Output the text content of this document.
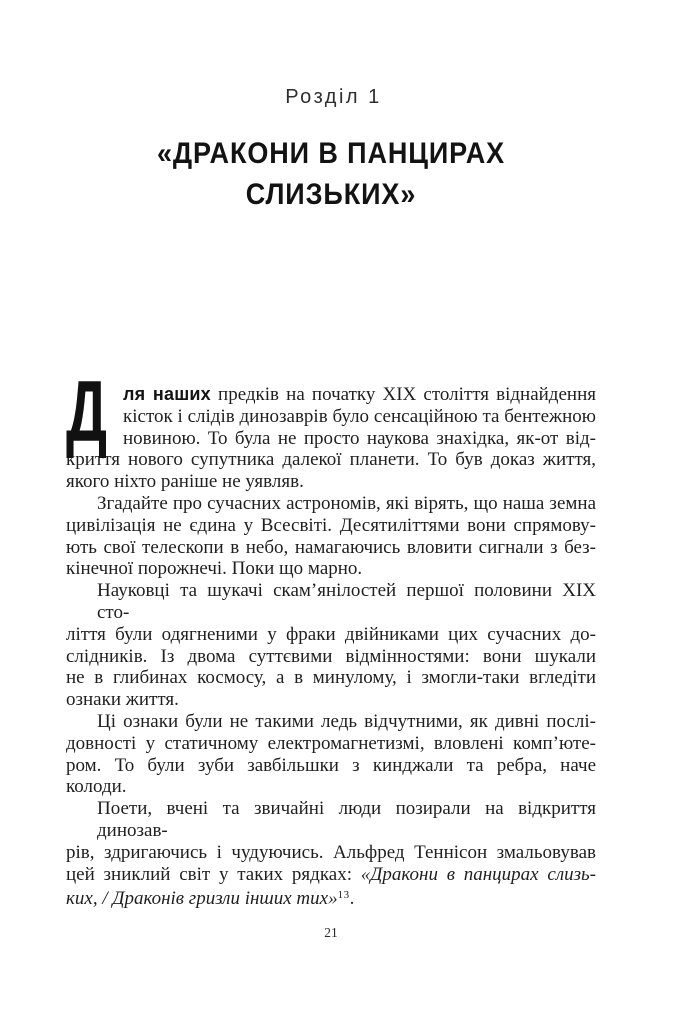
Розділ 1
«ДРАКОНИ В ПАНЦИРАХ
СЛИЗЬКИХ»
Д ля наших предків на початку XIX століття віднайдення
кісток і слідів динозаврів було сенсаційною та бентежною
новиною. То була не просто наукова знахідка, як-от від-
криття нового супутника далекої планети. То був доказ життя,
якого ніхто раніше не уявляв.
Згадайте про сучасних астрономів, які вірять, що наша земна
цивілізація не єдина у Всесвіті. Десятиліттями вони спрямову-
ють свої телескопи в небо, намагаючись вловити сигнали з без-
кінечної порожнечі. Поки що марно.
Науковці та шукачі скам’янілостей першої половини XIX сто-
ліття були одягненими у фраки двійниками цих сучасних до-
слідників. Із двома суттєвими відмінностями: вони шукали
не в глибинах космосу, а в минулому, і змогли-таки вгледіти
ознаки життя.
Ці ознаки були не такими ледь відчутними, як дивні послі-
довності у статичному електромагнетизмі, вловлені комп’юте-
ром. То були зуби завбільшки з кинджали та ребра, наче
колоди.
Поети, вчені та звичайні люди позирали на відкриття динозав-
рів, здригаючись і чудуючись. Альфред Теннісон змальовував
цей зниклий світ у таких рядках: «Дракони в панцирах слизь-
ких, / Драконів гризли інших тих»$^{13}$.
21
